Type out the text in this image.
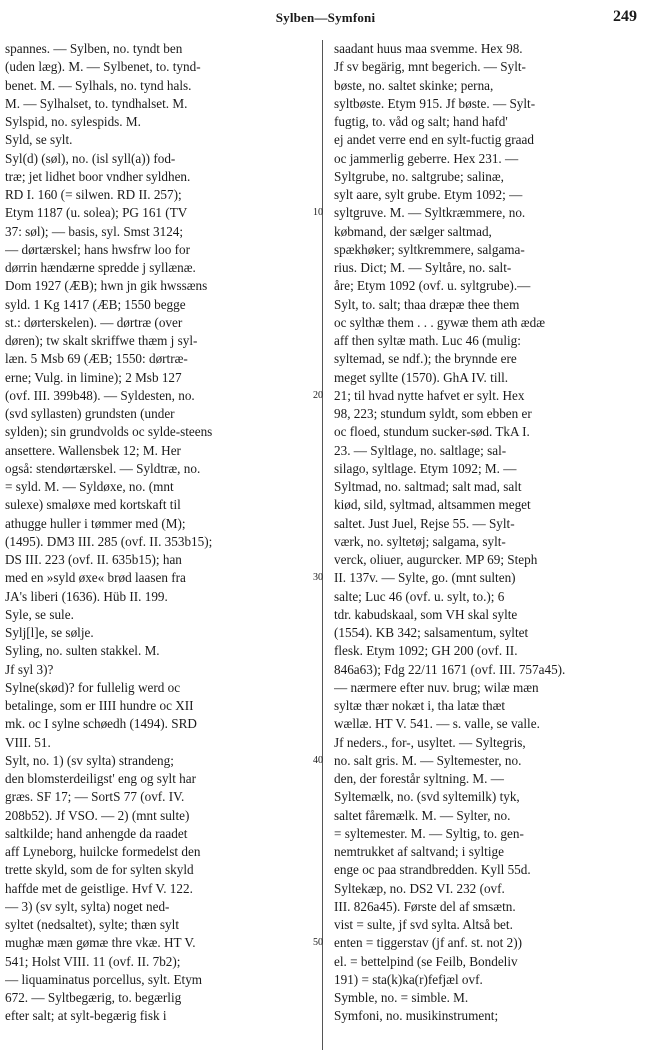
Sylben—Symfoni	249
spannes. — Sylben, no. tyndt ben
(uden læg). M. — Sylbenet, to. tynd-
benet. M. — Sylhals, no. tynd hals.
M. — Sylhalset, to. tyndhalset. M.
Sylspid, no. sylespids. M.
Syld, se sylt.
Syl(d) (søl), no. (isl syll(a)) fod-
træ; jet lidhet boor vndher syldhen.
RD I. 160 (= silwen. RD II. 257);
Etym 1187 (u. solea); PG 161 (TV
37: søl); — basis, syl. Smst 3124;
— dørtærskel; hans hwsfrw loo for
dørrin hændærne spredde j syllænæ.
Dom 1927 (ÆB); hwn jn gik hwssæns
syld. 1 Kg 1417 (ÆB; 1550 begge
st.: dørterskelen). — dørtræ (over
døren); tw skalt skriffwe thæm j syl-
læn. 5 Msb 69 (ÆB; 1550: dørtræ-
erne; Vulg. in limine); 2 Msb 127
(ovf. III. 399b48). — Syldesten, no.
(svd syllasten) grundsten (under
sylden); sin grundvolds oc sylde-steens
ansettere. Wallensbek 12; M. Her
også: stendørtærskel. — Syldtræ, no.
= syld. M. — Syldøxe, no. (mnt
sulexe) smaløxe med kortskaft til
athugge huller i tømmer med (M);
(1495). DM3 III. 285 (ovf. II. 353b15);
DS III. 223 (ovf. II. 635b15); han
med en »syld øxe« brød laasen fra
JA's liberi (1636). Hüb II. 199.
Syle, se sule.
Sylj[l]e, se sølje.
Syling, no. sulten stakkel. M.
Jf syl 3)?
Sylne(skød)? for fullelig werd oc
betalinge, som er IIII hundre oc XII
mk. oc I sylne schøedh (1494). SRD
VIII. 51.
Sylt, no. 1) (sv sylta) strandeng;
den blomsterdeiligst' eng og sylt har
græs. SF 17; — SortS 77 (ovf. IV.
208b52). Jf VSO. — 2) (mnt sulte)
saltkilde; hand anhengde da raadet
aff Lyneborg, huilcke formedelst den
trette skyld, som de for sylten skyld
haffde met de geistlige. Hvf V. 122.
— 3) (sv sylt, sylta) noget ned-
syltet (nedsaltet), sylte; thæn sylt
mughæ mæn gømæ thre vkæ. HT V.
541; Holst VIII. 11 (ovf. II. 7b2);
— liquaminatus porcellus, sylt. Etym
672. — Syltbegærig, to. begærlig
efter salt; at sylt-begærig fisk i
10
20
30
40
50
saadant huus maa svemme. Hex 98.
Jf sv begärig, mnt begerich. — Sylt-
bøste, no. saltet skinke; perna,
syltbøste. Etym 915. Jf bøste. — Sylt-
fugtig, to. våd og salt; hand hafd'
ej andet verre end en sylt-fuctig graad
oc jammerlig geberre. Hex 231. —
Syltgrube, no. saltgrube; salinæ,
sylt aare, sylt grube. Etym 1092; —
syltgruve. M. — Syltkræmmere, no.
købmand, der sælger saltmad,
spækhøker; syltkremmere, salgama-
rius. Dict; M. — Syltåre, no. salt-
åre; Etym 1092 (ovf. u. syltgrube).—
Sylt, to. salt; thaa dræpæ thee them
oc sylthæ them . . . gywæ them ath ædæ
aff then syltæ math. Luc 46 (mulig:
syltemad, se ndf.); the brynnde ere
meget syllte (1570). GhA IV. till.
21; til hvad nytte hafvet er sylt. Hex
98, 223; stundum syldt, som ebben er
oc floed, stundum sucker-sød. TkA I.
23. — Syltlage, no. saltlage; sal-
silago, syltlage. Etym 1092; M. —
Syltmad, no. saltmad; salt mad, salt
kiød, sild, syltmad, altsammen meget
saltet. Just Juel, Rejse 55. — Sylt-
værk, no. syltetøj; salgama, sylt-
verck, oliuer, augurcker. MP 69; Steph
II. 137v. — Sylte, go. (mnt sulten)
salte; Luc 46 (ovf. u. sylt, to.); 6
tdr. kabudskaal, som VH skal sylte
(1554). KB 342; salsamentum, syltet
flesk. Etym 1092; GH 200 (ovf. II.
846a63); Fdg 22/11 1671 (ovf. III. 757a45).
— nærmere efter nuv. brug; wilæ mæn
syltæ thær nokæt i, tha latæ thæt
wællæ. HT V. 541. — s. valle, se valle.
Jf neders., for-, usyltet. — Syltegris,
no. salt gris. M. — Syltemester, no.
den, der forestår syltning. M. —
Syltemælk, no. (svd syltemilk) tyk,
saltet fåremælk. M. — Sylter, no.
= syltemester. M. — Syltig, to. gen-
nemtrukket af saltvand; i syltige
enge oc paa strandbredden. Kyll 55d.
Syltekæp, no. DS2 VI. 232 (ovf.
III. 826a45). Første del af smsætn.
vist = sulte, jf svd sylta. Altså bet.
enten = tiggerstav (jf anf. st. not 2))
el. = bettelpind (se Feilb, Bondeliv
191) = sta(k)ka(r)fefjæl ovf.
Symble, no. = simble. M.
Symfoni, no. musikinstrument;
